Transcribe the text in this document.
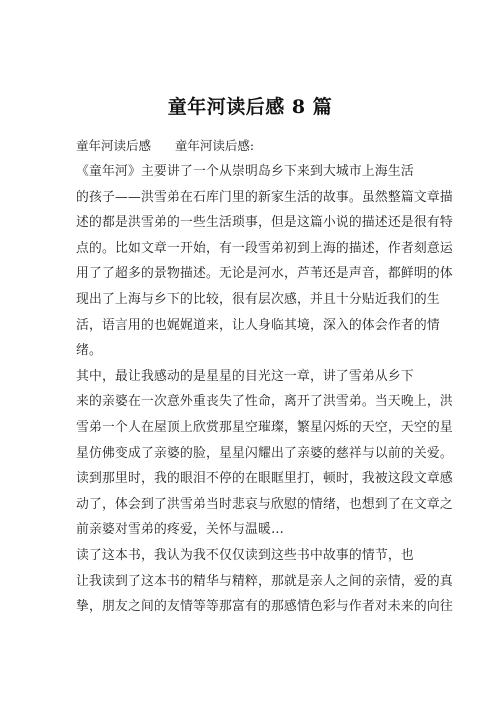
童年河读后感 8 篇
童年河读后感      童年河读后感:
《童年河》主要讲了一个从崇明岛乡下来到大城市上海生活
的孩子——洪雪弟在石库门里的新家生活的故事。虽然整篇文章描
述的都是洪雪弟的一些生活琐事，但是这篇小说的描述还是很有特
点的。比如文章一开始，有一段雪弟初到上海的描述，作者刻意运
用了了超多的景物描述。无论是河水，芦苇还是声音，都鲜明的体
现出了上海与乡下的比较，很有层次感，并且十分贴近我们的生
活，语言用的也娓娓道来，让人身临其境，深入的体会作者的情
绪。
其中，最让我感动的是星星的目光这一章，讲了雪弟从乡下
来的亲婆在一次意外重丧失了性命，离开了洪雪弟。当天晚上，洪
雪弟一个人在屋顶上欣赏那星空璀璨，繁星闪烁的天空，天空的星
星仿佛变成了亲婆的脸，星星闪耀出了亲婆的慈祥与以前的关爱。
读到那里时，我的眼泪不停的在眼眶里打，顿时，我被这段文章感
动了，体会到了洪雪弟当时悲哀与欣慰的情绪，也想到了在文章之
前亲婆对雪弟的疼爱，关怀与温暖…
读了这本书，我认为我不仅仅读到这些书中故事的情节，也
让我读到了这本书的精华与精粹，那就是亲人之间的亲情，爱的真
挚，朋友之间的友情等等那富有的那感情色彩与作者对未来的向往
